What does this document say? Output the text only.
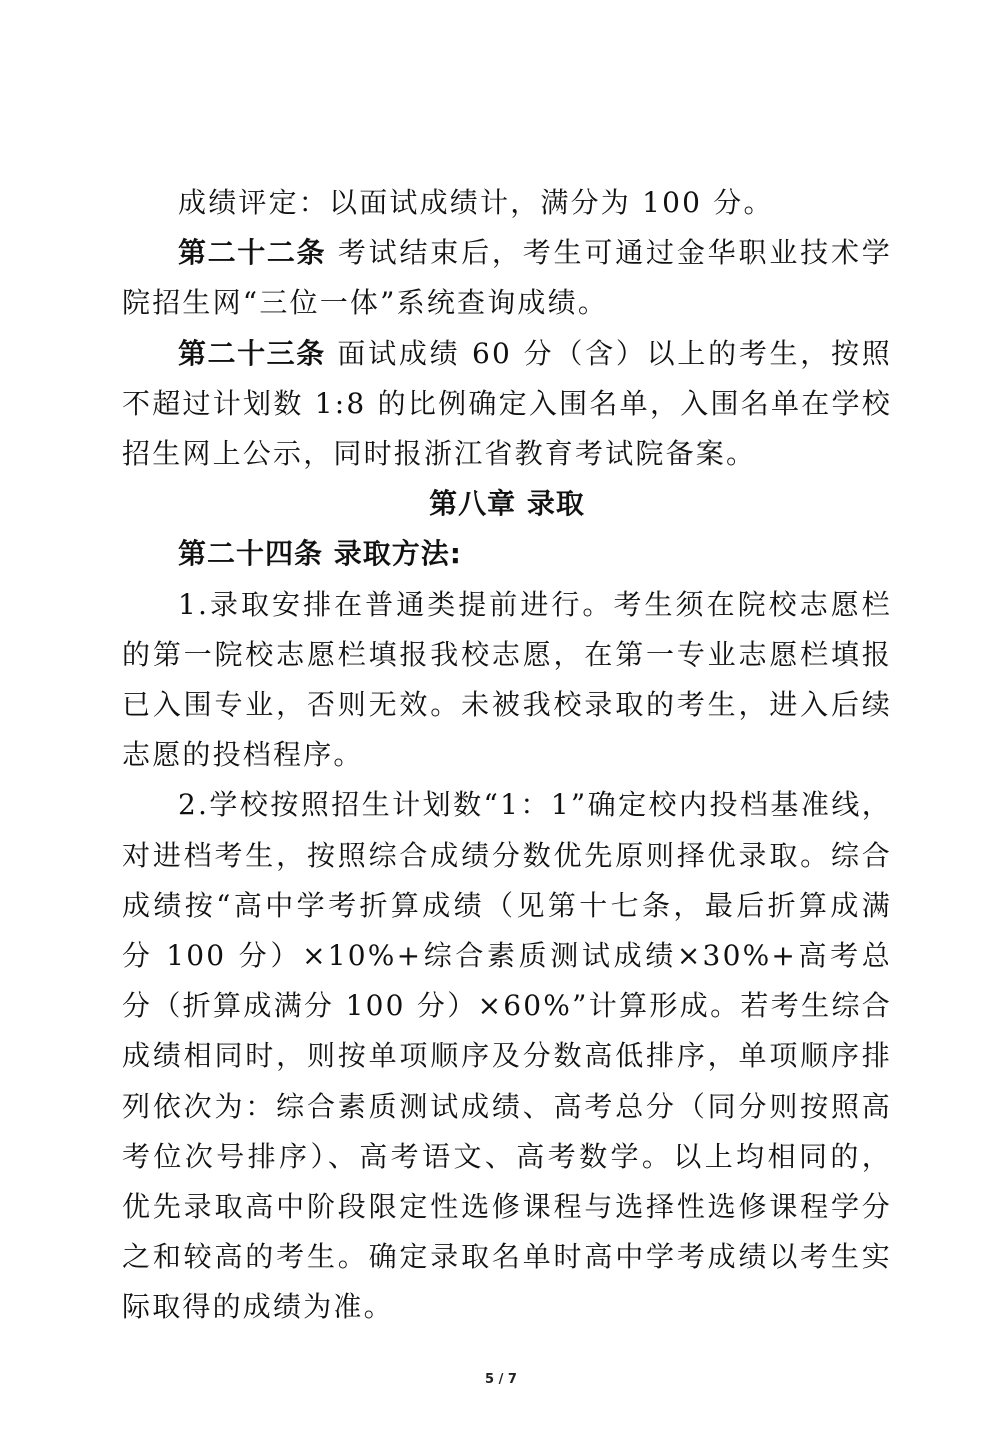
成绩评定：以面试成绩计，满分为 100 分。

第二十二条 考试结束后，考生可通过金华职业技术学院招生网“三位一体”系统查询成绩。

第二十三条 面试成绩 60 分（含）以上的考生，按照不超过计划数 1:8 的比例确定入围名单，入围名单在学校招生网上公示，同时报浙江省教育考试院备案。

第八章 录取

第二十四条 录取方法:

1.录取安排在普通类提前进行。考生须在院校志愿栏的第一院校志愿栏填报我校志愿，在第一专业志愿栏填报已入围专业，否则无效。未被我校录取的考生，进入后续志愿的投档程序。

2.学校按照招生计划数“1：1”确定校内投档基准线，对进档考生，按照综合成绩分数优先原则择优录取。综合成绩按“高中学考折算成绩（见第十七条，最后折算成满分 100 分）×10%+综合素质测试成绩×30%+高考总分（折算成满分 100 分）×60%”计算形成。若考生综合成绩相同时，则按单项顺序及分数高低排序，单项顺序排列依次为：综合素质测试成绩、高考总分（同分则按照高考位次号排序）、高考语文、高考数学。以上均相同的，优先录取高中阶段限定性选修课程与选择性选修课程学分之和较高的考生。确定录取名单时高中学考成绩以考生实际取得的成绩为准。

5 / 7
